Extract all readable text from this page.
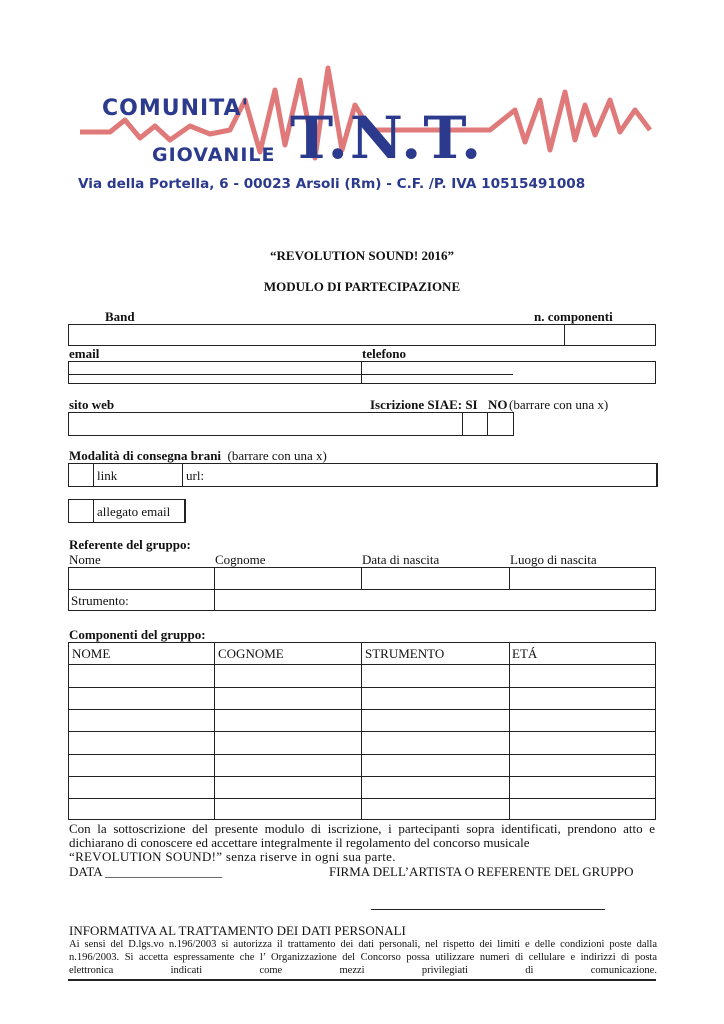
COMUNITA'
GIOVANILE T.N.T.
Via della Portella, 6 - 00023 Arsoli (Rm) - C.F. /P. IVA 10515491008
“REVOLUTION SOUND! 2016”
MODULO DI PARTECIPAZIONE
Band	n. componenti
email	telefono
sito web	Iscrizione SIAE: SI NO (barrare con una x)
Modalità di consegna brani (barrare con una x)
link	url:
allegato email
Referente del gruppo:
Nome	Cognome	Data di nascita	Luogo di nascita
Strumento:
Componenti del gruppo:
NOME	COGNOME	STRUMENTO	ETÁ
Con la sottoscrizione del presente modulo di iscrizione, i partecipanti sopra identificati, prendono atto e
dichiarano di conoscere ed accettare integralmente il regolamento del concorso musicale
“REVOLUTION SOUND!” senza riserve in ogni sua parte.
DATA __________________	FIRMA DELL’ARTISTA O REFERENTE DEL GRUPPO
INFORMATIVA AL TRATTAMENTO DEI DATI PERSONALI
Ai sensi del D.lgs.vo n.196/2003 si autorizza il trattamento dei dati personali, nel rispetto dei limiti e delle condizioni poste dalla
n.196/2003. Si accetta espressamente che l’ Organizzazione del Concorso possa utilizzare numeri di cellulare e indirizzi di posta
elettronica	indicati	come	mezzi	privilegiati	di	comunicazione.
